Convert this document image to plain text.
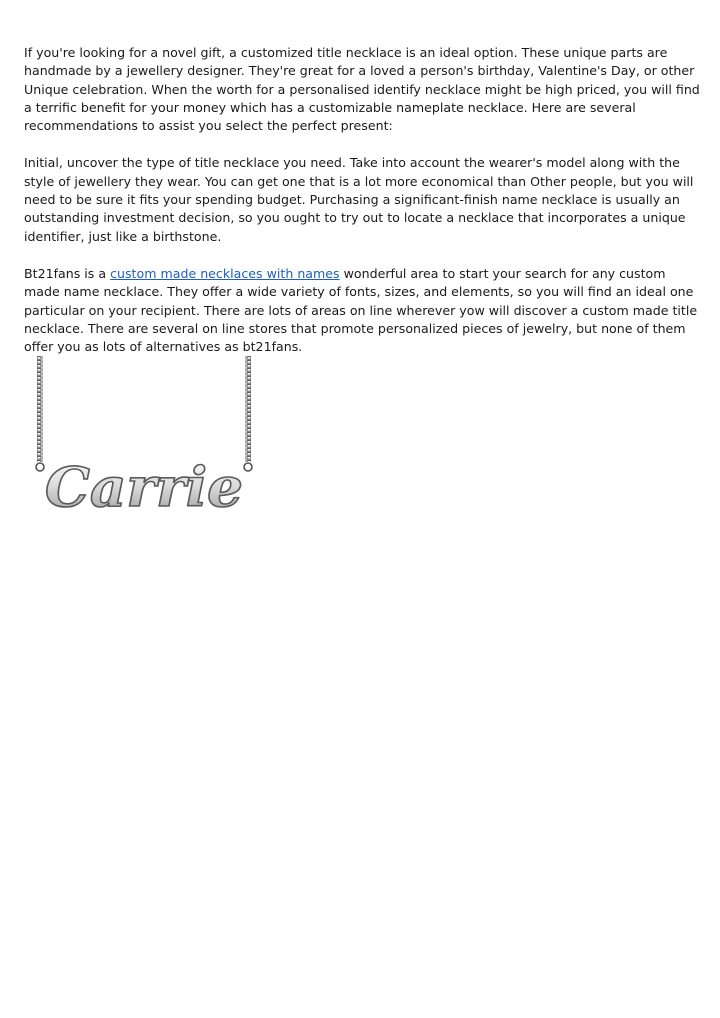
If you're looking for a novel gift, a customized title necklace is an ideal option. These unique parts are handmade by a jewellery designer. They're great for a loved a person's birthday, Valentine's Day, or other Unique celebration. When the worth for a personalised identify necklace might be high priced, you will find a terrific benefit for your money which has a customizable nameplate necklace. Here are several recommendations to assist you select the perfect present:

Initial, uncover the type of title necklace you need. Take into account the wearer's model along with the style of jewellery they wear. You can get one that is a lot more economical than Other people, but you will need to be sure it fits your spending budget. Purchasing a significant-finish name necklace is usually an outstanding investment decision, so you ought to try out to locate a necklace that incorporates a unique identifier, just like a birthstone.

Bt21fans is a custom made necklaces with names wonderful area to start your search for any custom made name necklace. They offer a wide variety of fonts, sizes, and elements, so you will find an ideal one particular on your recipient. There are lots of areas on line wherever yow will discover a custom made title necklace. There are several on line stores that promote personalized pieces of jewelry, but none of them offer you as lots of alternatives as bt21fans.

Carrie
